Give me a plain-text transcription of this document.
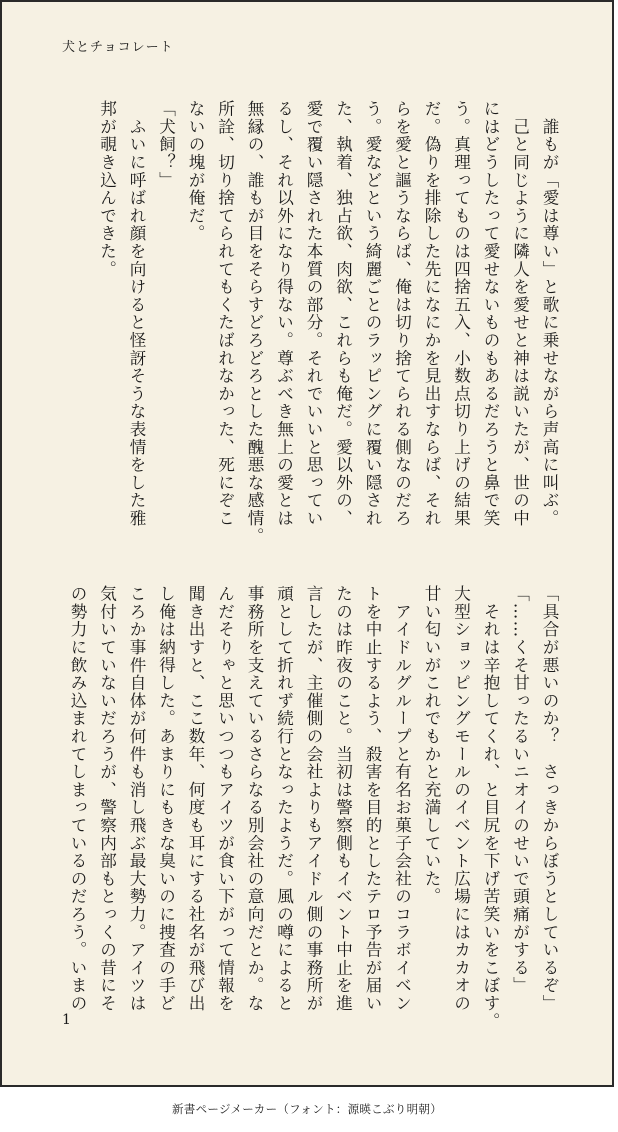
犬とチョコレート

　誰もが「愛は尊い」と歌に乗せながら声高に叫ぶ。

　己と同じように隣人を愛せと神は説いたが、世の中

にはどうしたって愛せないものもあるだろうと鼻で笑

う。真理ってものは四捨五入、小数点切り上げの結果

だ。偽りを排除した先になにかを見出すならば、それ

らを愛と謳うならば、俺は切り捨てられる側なのだろ

う。愛などという綺麗ごとのラッピングに覆い隠され

た、執着、独占欲、肉欲、これらも俺だ。愛以外の、

愛で覆い隠された本質の部分。それでいいと思ってい

るし、それ以外になり得ない。尊ぶべき無上の愛とは

無縁の、誰もが目をそらすどろどろとした醜悪な感情。

所詮、切り捨てられてもくたばれなかった、死にぞこ

ないの塊が俺だ。

「犬飼？」

　ふいに呼ばれ顔を向けると怪訝そうな表情をした雅

邦が覗き込んできた。

「具合が悪いのか？　さっきからぼうとしているぞ」

「……くそ甘ったるいニオイのせいで頭痛がする」

　それは辛抱してくれ、と目尻を下げ苦笑いをこぼす。

大型ショッピングモールのイベント広場にはカカオの

甘い匂いがこれでもかと充満していた。

　アイドルグループと有名お菓子会社のコラボイベン

トを中止するよう、殺害を目的としたテロ予告が届い

たのは昨夜のこと。当初は警察側もイベント中止を進

言したが、主催側の会社よりもアイドル側の事務所が

頑として折れず続行となったようだ。風の噂によると

事務所を支えているさらなる別会社の意向だとか。な

んだそりゃと思いつつもアイツが食い下がって情報を

聞き出すと、ここ数年、何度も耳にする社名が飛び出

し俺は納得した。あまりにもきな臭いのに捜査の手ど

ころか事件自体が何件も消し飛ぶ最大勢力。アイツは

気付いていないだろうが、警察内部もとっくの昔にそ

の勢力に飲み込まれてしまっているのだろう。いまの

1
新書ページメーカー（フォント：源暎こぶり明朝）
